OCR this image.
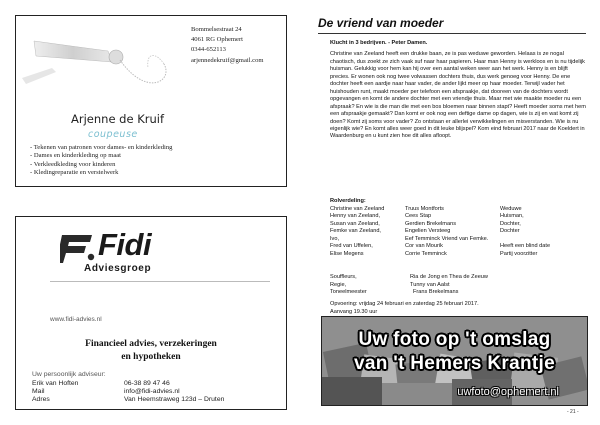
Bommelsestraat 24
4061 RG Ophemert
0344-652113
arjennedekruif@gmail.com
Arjenne de Kruif
coupeuse
- Tekenen van patronen voor dames- en kinderkleding
- Dames en kinderkleding op maat
- Verkleedkleding voor kinderen
- Kledingreparatie en verstelwerk
Fidi
Adviesgroep
www.fidi-advies.nl
Financieel advies, verzekeringen
en hypotheken
Uw persoonlijk adviseur:
Erik van Hoften	06-38 89 47 46
Mail	info@fidi-advies.nl
Adres	Van Heemstraweg 123d – Druten
De vriend van moeder

Klucht in 3 bedrijven. - Peter Damen.

Christine van Zeeland heeft een drukke baan, ze is pas weduwe geworden. Helaas is ze nogal chaotisch, dus zoekt ze zich vaak suf naar haar papieren. Haar man Henny is werkloos en is nu tijdelijk huisman. Gelukkig voor hem kan hij over een aantal weken weer aan het werk. Henny is en blijft precies. Er wonen ook nog twee volwassen dochters thuis, dus werk genoeg voor Henny. De ene dochter heeft een aardje naar haar vader, de ander lijkt meer op haar moeder. Terwijl vader het huishouden runt, maakt moeder per telefoon een afspraakje, dat dooreen van de dochters wordt opgevangen en komt de andere dochter met een vriendje thuis. Maar met wie maakte moeder nu een afspraak? En wie is die man die met een bos bloemen naar binnen stapt? Heeft moeder soms met hem een afspraakje gemaakt? Dan komt er ook nog een deftige dame op dagen, wie is zij en wat komt zij doen? Komt zij soms voor vader? Zo ontstaan er allerlei verwikkelingen en misverstanden. Wie is nu eigenlijk wie? En komt alles weer goed in dit leuke blijspel? Kom eind februari 2017 naar de Koeldert in Waardenburg en u kunt zien hoe dit alles afloopt.

Rolverdeling:
Christine van Zeeland	Truus Montforts	Weduwe
Henny van Zeeland,	Cees Stap	Huisman,
Susan van Zeeland,	Gerdien Brekelmans	Dochter,
Femke van Zeeland,	Engelien Versteeg	Dochter
Ivo,	Eef Temminck Vriend van Femke.
Fred van Uffelen,	Cor van Mourik	Heeft een blind date
Elise Megens	Corrie Temminck	Partij voorzitter
Souffleurs,	Ria de Jong en Thea de Zeeuw
Regie,	Tunny van Aalst
Toneelmeester	Frans Brekelmans
Opvoering: vrijdag 24 februari en zaterdag 25 februari 2017.
Aanvang 19.30 uur
Uw foto op 't omslag
van 't Hemers Krantje
uwfoto@ophemert.nl
- 21 -
